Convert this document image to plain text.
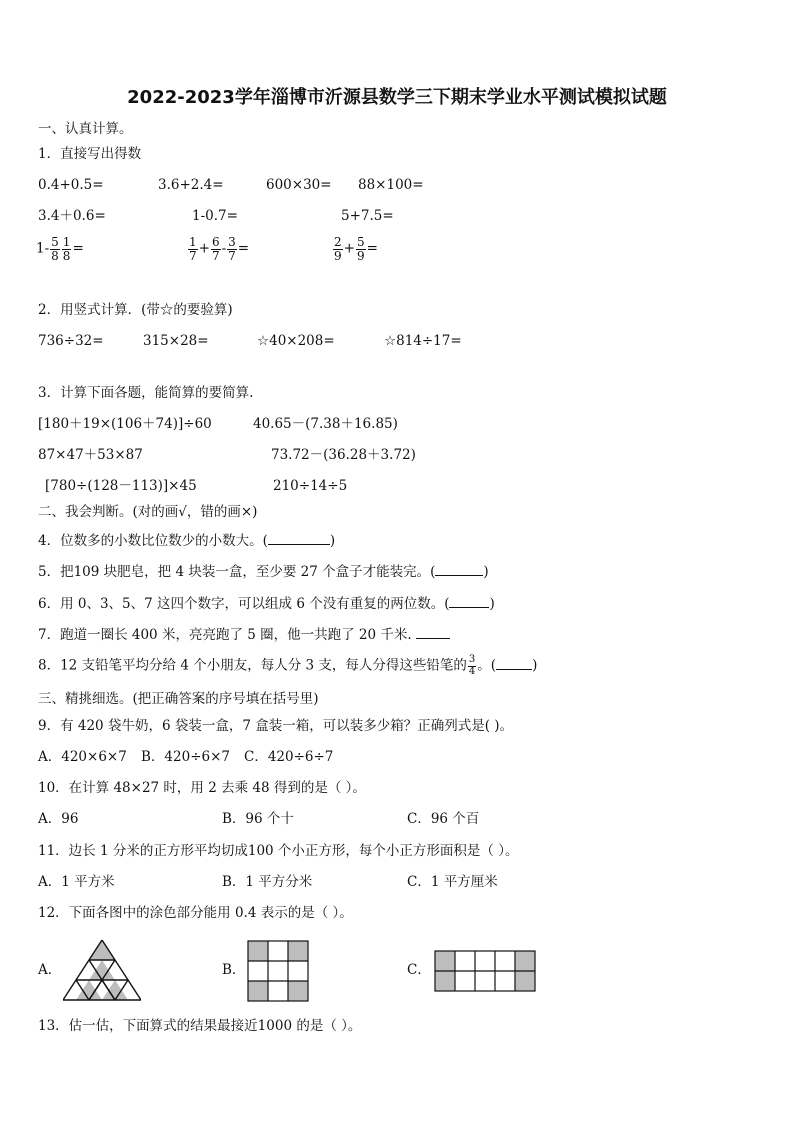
2022-2023学年淄博市沂源县数学三下期末学业水平测试模拟试题
一、认真计算。
1．直接写出得数
0.4+0.5=	3.6+2.4=	600×30= 88×100=
3.4＋0.6=	1-0.7=	5+7.5=
$1- \frac{5}{8} \frac{1}{8}$ =	$\frac{1}{7} + \frac{6}{7} - \frac{3}{7}$ =	$\frac{2}{9} + \frac{5}{9}$ =
2．用竖式计算．(带☆的要验算)
736÷32=	315×28=	☆40×208=	☆814÷17=
3．计算下面各题，能简算的要简算.
[180＋19×(106＋74)]÷60	40.65－(7.38＋16.85)
87×47＋53×87	73.72－(36.28＋3.72)
[780÷(128－113)]×45	210÷14÷5
二、我会判断。(对的画√，错的画×)
4．位数多的小数比位数少的小数大。(	)
5．把109 块肥皂，把 4 块装一盒，至少要 27 个盒子才能装完。(	)
6．用 0、3、5、7 这四个数字，可以组成 6 个没有重复的两位数。(	)
7．跑道一圈长 400 米，亮亮跑了 5 圈，他一共跑了 20 千米.
8．12 支铅笔平均分给 4 个小朋友，每人分 3 支，每人分得这些铅笔的 $\frac{3}{4}$ 。(	)
三、精挑细选。(把正确答案的序号填在括号里)
9．有 420 袋牛奶，6 袋装一盒，7 盒装一箱，可以装多少箱？正确列式是( )。
A．420×6×7 B．420÷6×7 C．420÷6÷7
10．在计算 48×27 时，用 2 去乘 48 得到的是（ ）。
A．96	B．96 个十	C．96 个百
11．边长 1 分米的正方形平均切成100 个小正方形，每个小正方形面积是（ ）。
A．1 平方米	B．1 平方分米	C．1 平方厘米
12．下面各图中的涂色部分能用 0.4 表示的是（ ）。
A．	B．	C．
13．估一估，下面算式的结果最接近1000 的是（ ）。
